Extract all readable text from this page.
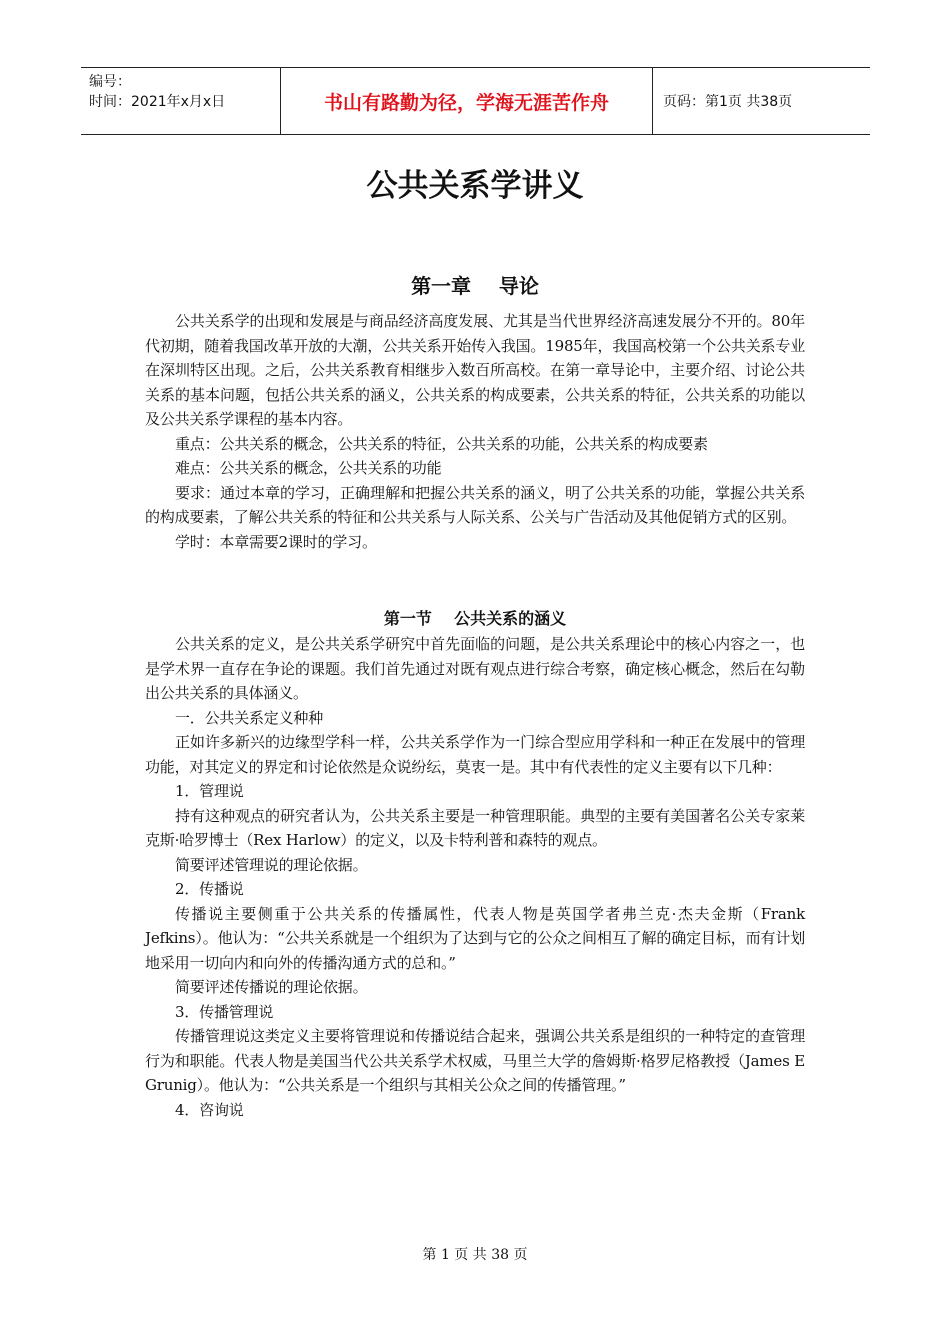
编号：
时间：2021年x月x日	书山有路勤为径，学海无涯苦作舟	页码：第1页 共38页
公共关系学讲义
第一章    导论

公共关系学的出现和发展是与商品经济高度发展、尤其是当代世界经济高速发展分不开的。80年代初期，随着我国改革开放的大潮，公共关系开始传入我国。1985年，我国高校第一个公共关系专业在深圳特区出现。之后，公共关系教育相继步入数百所高校。在第一章导论中，主要介绍、讨论公共关系的基本问题，包括公共关系的涵义，公共关系的构成要素，公共关系的特征，公共关系的功能以及公共关系学课程的基本内容。

重点：公共关系的概念，公共关系的特征，公共关系的功能，公共关系的构成要素

难点：公共关系的概念，公共关系的功能

要求：通过本章的学习，正确理解和把握公共关系的涵义，明了公共关系的功能，掌握公共关系的构成要素，了解公共关系的特征和公共关系与人际关系、公关与广告活动及其他促销方式的区别。

学时：本章需要2课时的学习。

第一节    公共关系的涵义

公共关系的定义，是公共关系学研究中首先面临的问题，是公共关系理论中的核心内容之一，也是学术界一直存在争论的课题。我们首先通过对既有观点进行综合考察，确定核心概念，然后在勾勒出公共关系的具体涵义。

一．公共关系定义种种

正如许多新兴的边缘型学科一样，公共关系学作为一门综合型应用学科和一种正在发展中的管理功能，对其定义的界定和讨论依然是众说纷纭，莫衷一是。其中有代表性的定义主要有以下几种：

1．管理说

持有这种观点的研究者认为，公共关系主要是一种管理职能。典型的主要有美国著名公关专家莱克斯·哈罗博士（Rex Harlow）的定义，以及卡特利普和森特的观点。

简要评述管理说的理论依据。

2．传播说

传播说主要侧重于公共关系的传播属性，代表人物是英国学者弗兰克·杰夫金斯（Frank Jefkins）。他认为：“公共关系就是一个组织为了达到与它的公众之间相互了解的确定目标，而有计划地采用一切向内和向外的传播沟通方式的总和。”

简要评述传播说的理论依据。

3．传播管理说

传播管理说这类定义主要将管理说和传播说结合起来，强调公共关系是组织的一种特定的查管理行为和职能。代表人物是美国当代公共关系学术权威，马里兰大学的詹姆斯·格罗尼格教授（James E Grunig）。他认为：“公共关系是一个组织与其相关公众之间的传播管理。”

4．咨询说

第 1 页 共 38 页
